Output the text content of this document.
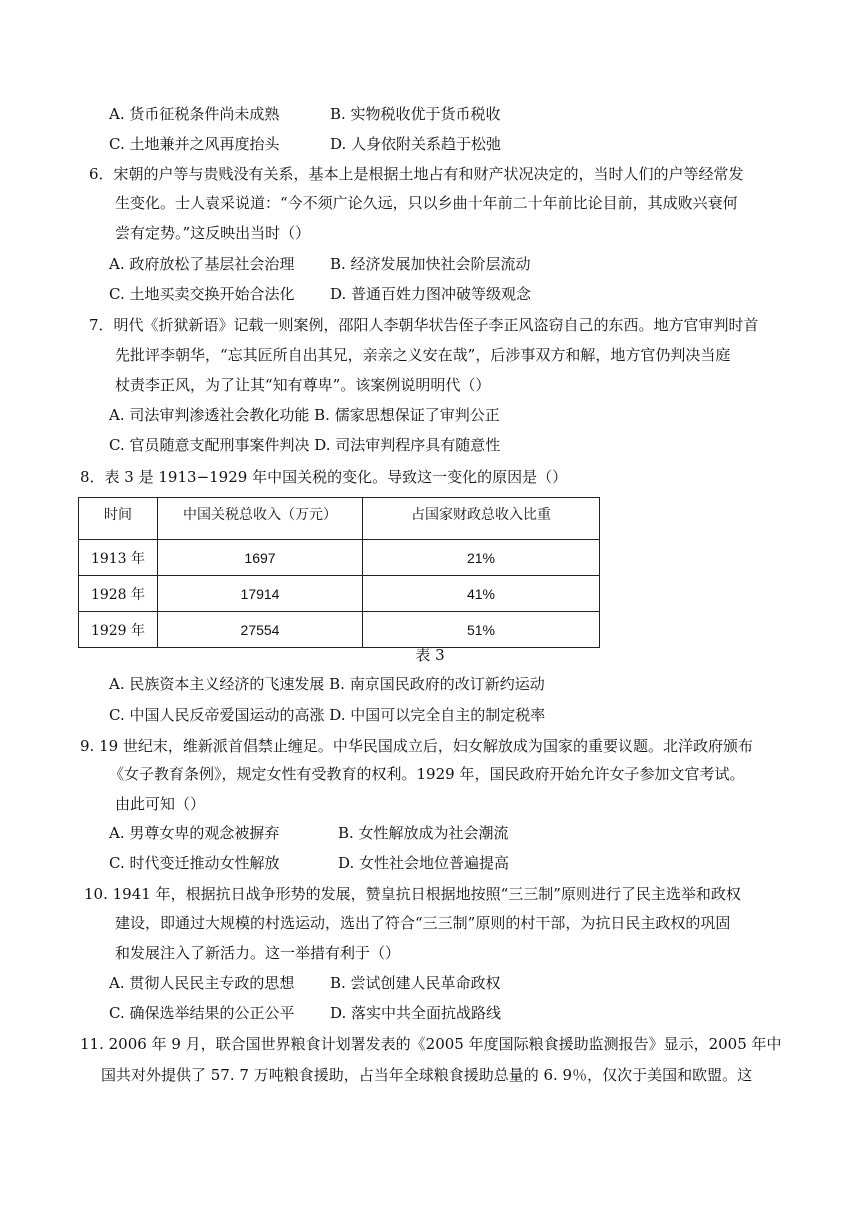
A. 货币征税条件尚未成熟	B. 实物税收优于货币税收
C. 土地兼并之风再度抬头	D. 人身依附关系趋于松弛
6．宋朝的户等与贵贱没有关系，基本上是根据土地占有和财产状况决定的，当时人们的户等经常发
生变化。士人袁采说道：“今不须广论久远，只以乡曲十年前二十年前比论目前，其成败兴衰何
尝有定势。”这反映出当时（）
A. 政府放松了基层社会治理 B. 经济发展加快社会阶层流动
C. 土地买卖交换开始合法化 D. 普通百姓力图冲破等级观念
7．明代《折狱新语》记载一则案例，邵阳人李朝华状告侄子李正风盗窃自己的东西。地方官审判时首
先批评李朝华，“忘其匠所自出其兄，亲亲之义安在哉”，后涉事双方和解，地方官仍判决当庭
杖责李正风，为了让其“知有尊卑”。该案例说明明代（）
A. 司法审判渗透社会教化功能 B. 儒家思想保证了审判公正
C. 官员随意支配刑事案件判决 D. 司法审判程序具有随意性
8．表 3 是 1913−1929 年中国关税的变化。导致这一变化的原因是（）
时间	中国关税总收入（万元）	占国家财政总收入比重
1913 年	1697	21%
1928 年	17914	41%
1929 年	27554	51%
表 3
A. 民族资本主义经济的飞速发展 B. 南京国民政府的改订新约运动
C. 中国人民反帝爱国运动的高涨 D. 中国可以完全自主的制定税率
9. 19 世纪末，维新派首倡禁止缠足。中华民国成立后，妇女解放成为国家的重要议题。北洋政府颁布
《女子教育条例》，规定女性有受教育的权利。1929 年，国民政府开始允许女子参加文官考试。
由此可知（）
A. 男尊女卑的观念被摒弃	B. 女性解放成为社会潮流
C. 时代变迁推动女性解放	D. 女性社会地位普遍提高
10. 1941 年，根据抗日战争形势的发展，赞皇抗日根据地按照“三三制”原则进行了民主选举和政权
建设，即通过大规模的村选运动，选出了符合“三三制”原则的村干部，为抗日民主政权的巩固
和发展注入了新活力。这一举措有利于（）
A. 贯彻人民民主专政的思想 B. 尝试创建人民革命政权
C. 确保选举结果的公正公平 D. 落实中共全面抗战路线
11. 2006 年 9 月，联合国世界粮食计划署发表的《2005 年度国际粮食援助监测报告》显示，2005 年中
国共对外提供了 57. 7 万吨粮食援助，占当年全球粮食援助总量的 6. 9％，仅次于美国和欧盟。这
